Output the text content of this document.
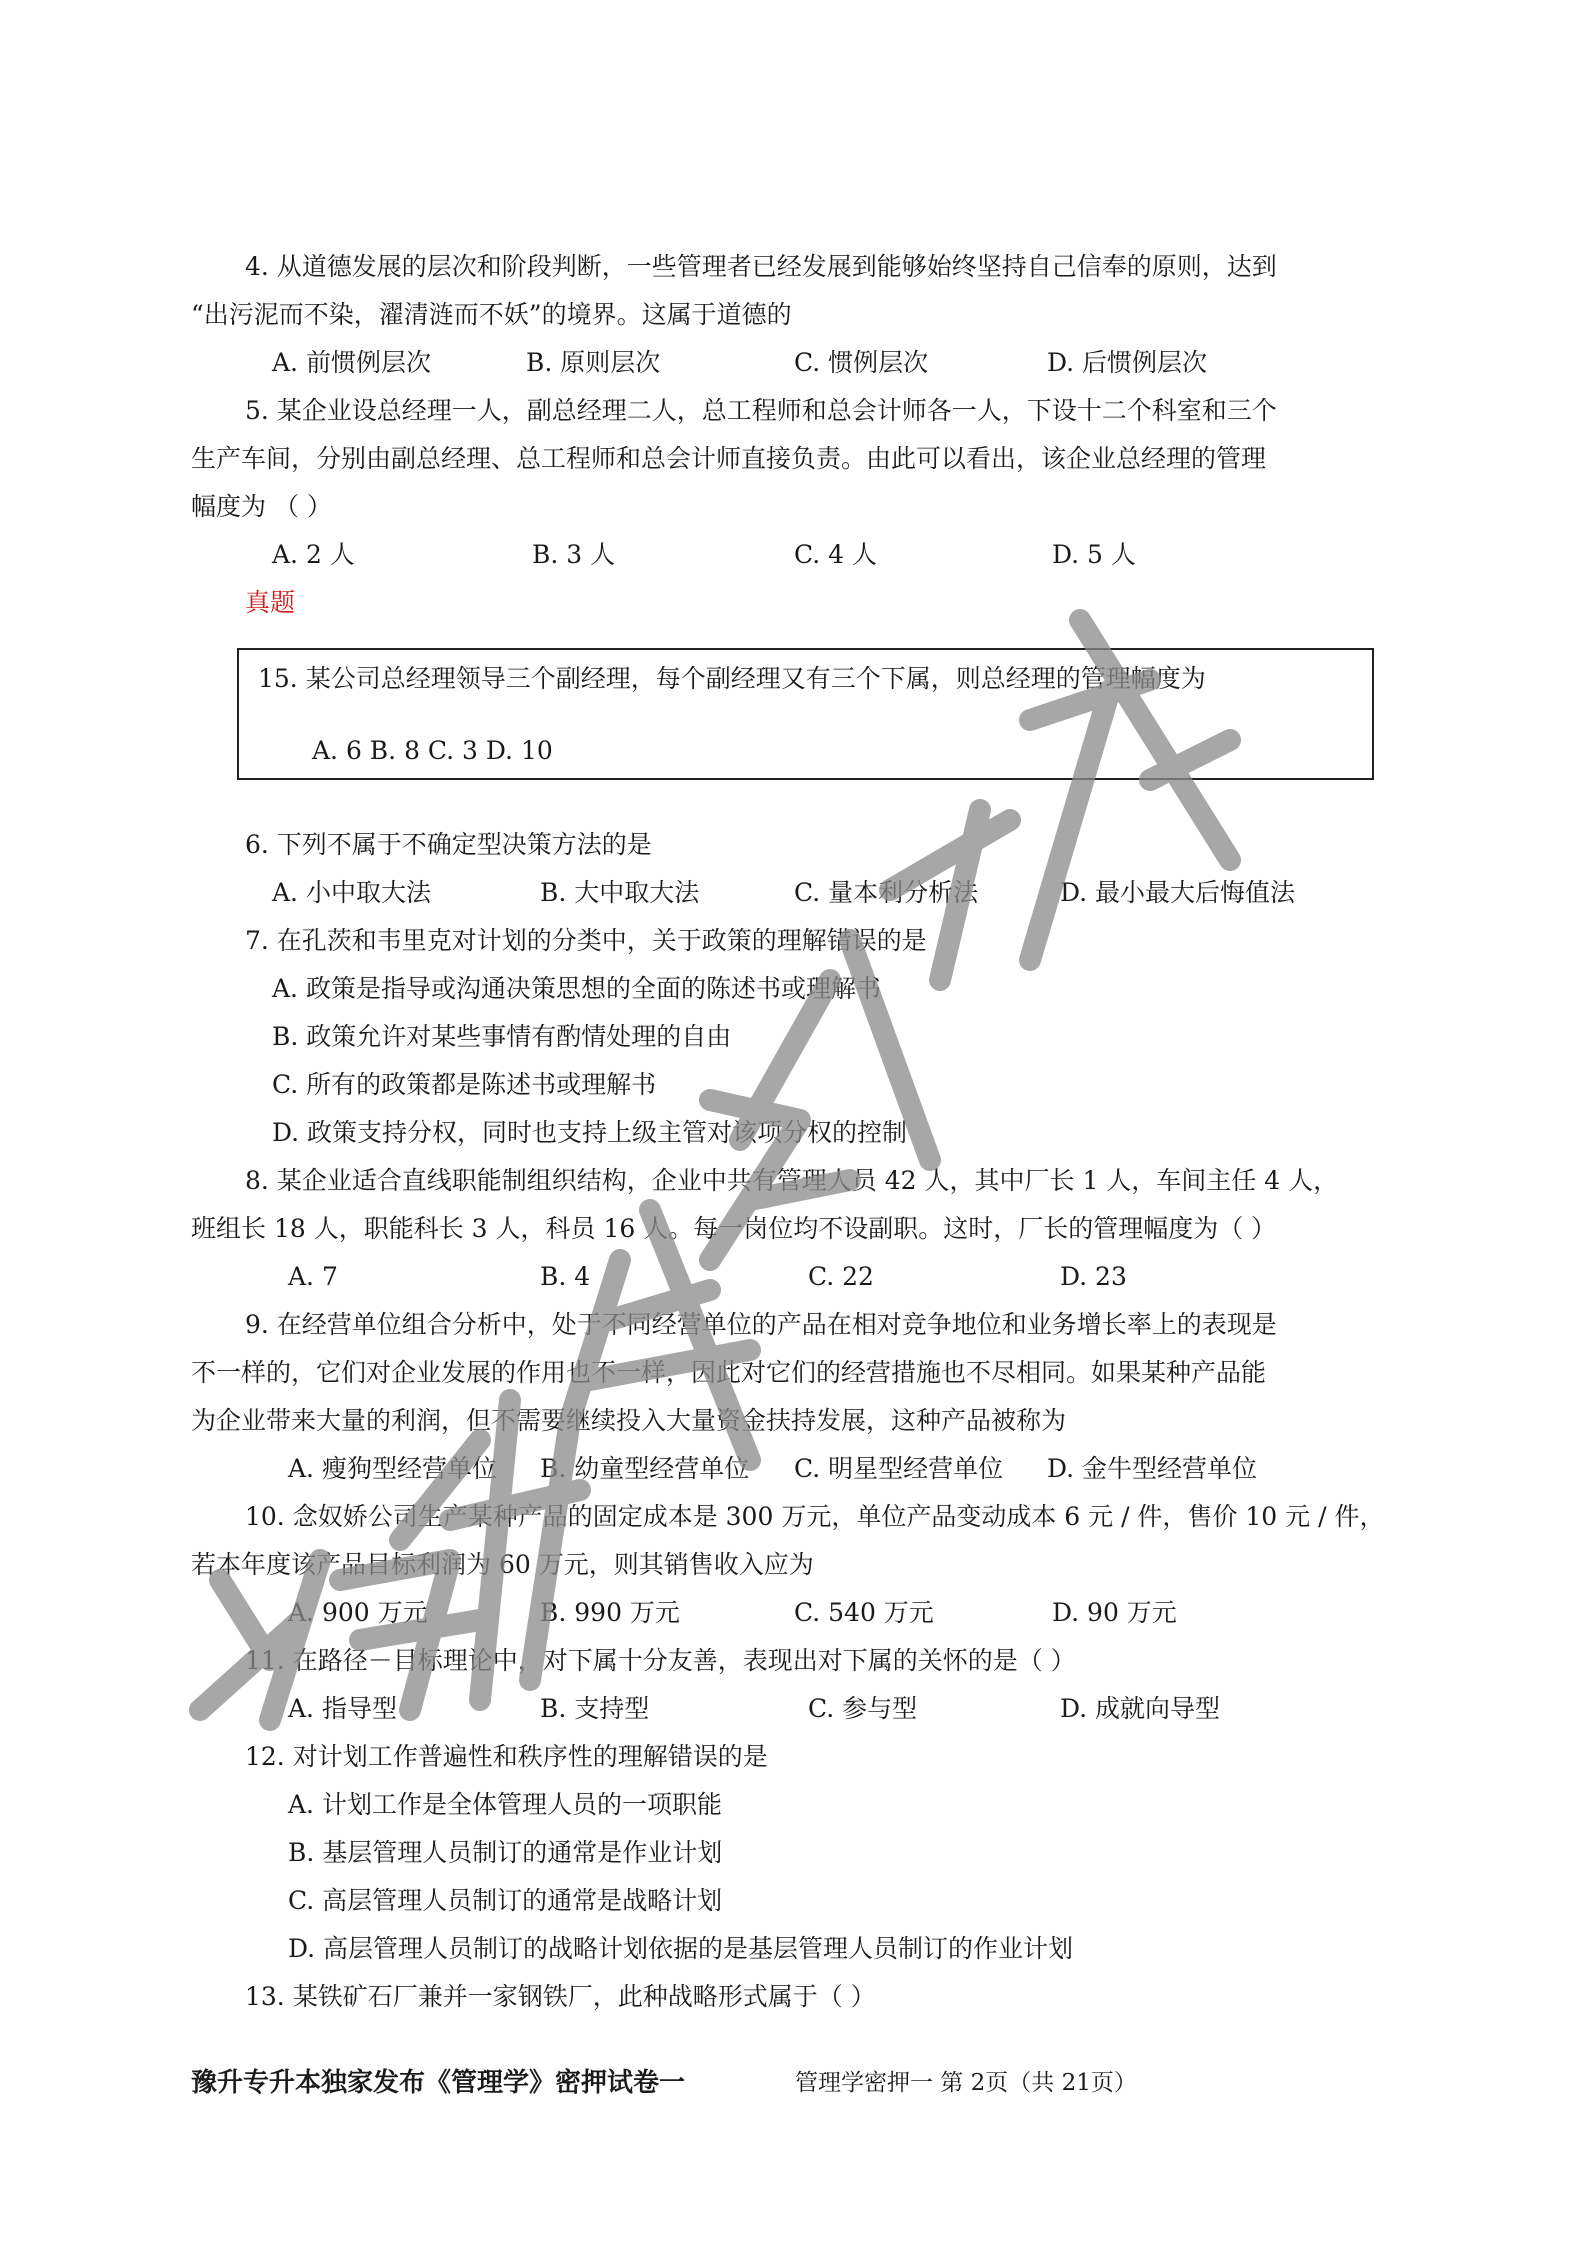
4. 从道德发展的层次和阶段判断，一些管理者已经发展到能够始终坚持自己信奉的原则，达到
“出污泥而不染，濯清涟而不妖”的境界。这属于道德的
A. 前惯例层次	B. 原则层次	C. 惯例层次	D. 后惯例层次
5. 某企业设总经理一人，副总经理二人，总工程师和总会计师各一人，下设十二个科室和三个
生产车间，分别由副总经理、总工程师和总会计师直接负责。由此可以看出，该企业总经理的管理
幅度为 （ ）
A. 2 人	B. 3 人	C. 4 人	D. 5 人
真题
15. 某公司总经理领导三个副经理，每个副经理又有三个下属，则总经理的管理幅度为
A. 6 B. 8 C. 3 D. 10
6. 下列不属于不确定型决策方法的是
A. 小中取大法	B. 大中取大法	C. 量本利分析法	D. 最小最大后悔值法
7. 在孔茨和韦里克对计划的分类中，关于政策的理解错误的是
A. 政策是指导或沟通决策思想的全面的陈述书或理解书
B. 政策允许对某些事情有酌情处理的自由
C. 所有的政策都是陈述书或理解书
D. 政策支持分权，同时也支持上级主管对该项分权的控制
8. 某企业适合直线职能制组织结构，企业中共有管理人员 42 人，其中厂长 1 人，车间主任 4 人，
班组长 18 人，职能科长 3 人，科员 16 人。每一岗位均不设副职。这时，厂长的管理幅度为（ ）
A. 7	B. 4	C. 22	D. 23
9. 在经营单位组合分析中，处于不同经营单位的产品在相对竞争地位和业务增长率上的表现是
不一样的，它们对企业发展的作用也不一样，因此对它们的经营措施也不尽相同。如果某种产品能
为企业带来大量的利润，但不需要继续投入大量资金扶持发展，这种产品被称为
A. 瘦狗型经营单位 B. 幼童型经营单位 C. 明星型经营单位 D. 金牛型经营单位
10. 念奴娇公司生产某种产品的固定成本是 300 万元，单位产品变动成本 6 元 / 件，售价 10 元 / 件，
若本年度该产品目标利润为 60 万元，则其销售收入应为
A. 900 万元	B. 990 万元	C. 540 万元	D. 90 万元
11. 在路径－目标理论中，对下属十分友善，表现出对下属的关怀的是（ ）
A. 指导型	B. 支持型	C. 参与型	D. 成就向导型
12. 对计划工作普遍性和秩序性的理解错误的是
A. 计划工作是全体管理人员的一项职能
B. 基层管理人员制订的通常是作业计划
C. 高层管理人员制订的通常是战略计划
D. 高层管理人员制订的战略计划依据的是基层管理人员制订的作业计划
13. 某铁矿石厂兼并一家钢铁厂，此种战略形式属于（ ）
豫升专升本独家发布《管理学》密押试卷一	管理学密押一 第 2页（共 21页）
